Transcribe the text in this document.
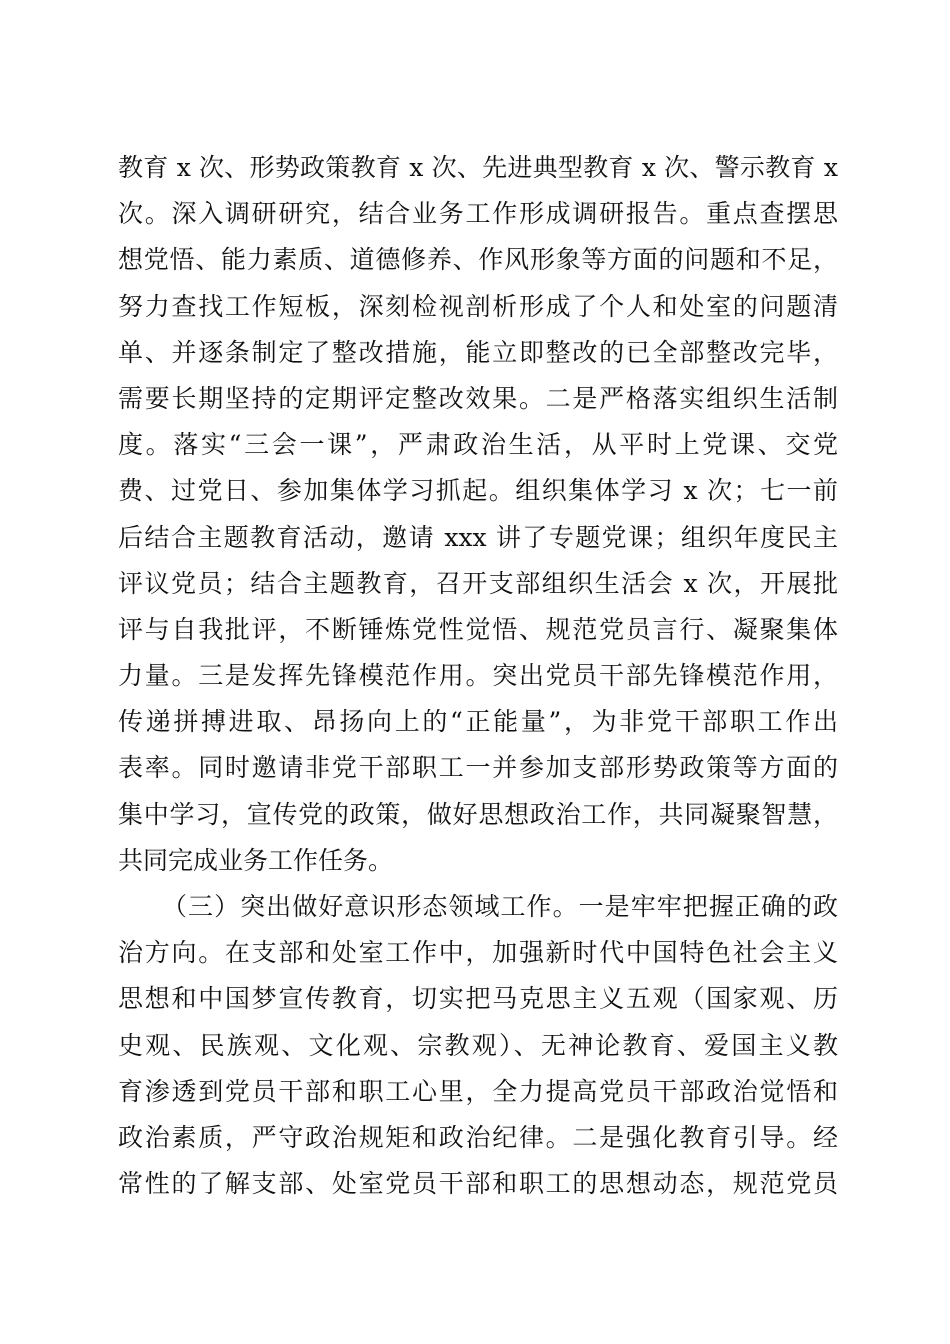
教育 x 次、形势政策教育 x 次、先进典型教育 x 次、警示教育 x
次。深入调研研究，结合业务工作形成调研报告。重点查摆思
想党悟、能力素质、道德修养、作风形象等方面的问题和不足，
努力查找工作短板，深刻检视剖析形成了个人和处室的问题清
单、并逐条制定了整改措施，能立即整改的已全部整改完毕，
需要长期坚持的定期评定整改效果。二是严格落实组织生活制
度。落实“三会一课”，严肃政治生活，从平时上党课、交党
费、过党日、参加集体学习抓起。组织集体学习 x 次；七一前
后结合主题教育活动，邀请 xxx 讲了专题党课；组织年度民主
评议党员；结合主题教育，召开支部组织生活会 x 次，开展批
评与自我批评，不断锤炼党性觉悟、规范党员言行、凝聚集体
力量。三是发挥先锋模范作用。突出党员干部先锋模范作用，
传递拼搏进取、昂扬向上的“正能量”，为非党干部职工作出
表率。同时邀请非党干部职工一并参加支部形势政策等方面的
集中学习，宣传党的政策，做好思想政治工作，共同凝聚智慧，
共同完成业务工作任务。
（三）突出做好意识形态领域工作。一是牢牢把握正确的政
治方向。在支部和处室工作中，加强新时代中国特色社会主义
思想和中国梦宣传教育，切实把马克思主义五观（国家观、历
史观、民族观、文化观、宗教观）、无神论教育、爱国主义教
育渗透到党员干部和职工心里，全力提高党员干部政治觉悟和
政治素质，严守政治规矩和政治纪律。二是强化教育引导。经
常性的了解支部、处室党员干部和职工的思想动态，规范党员
